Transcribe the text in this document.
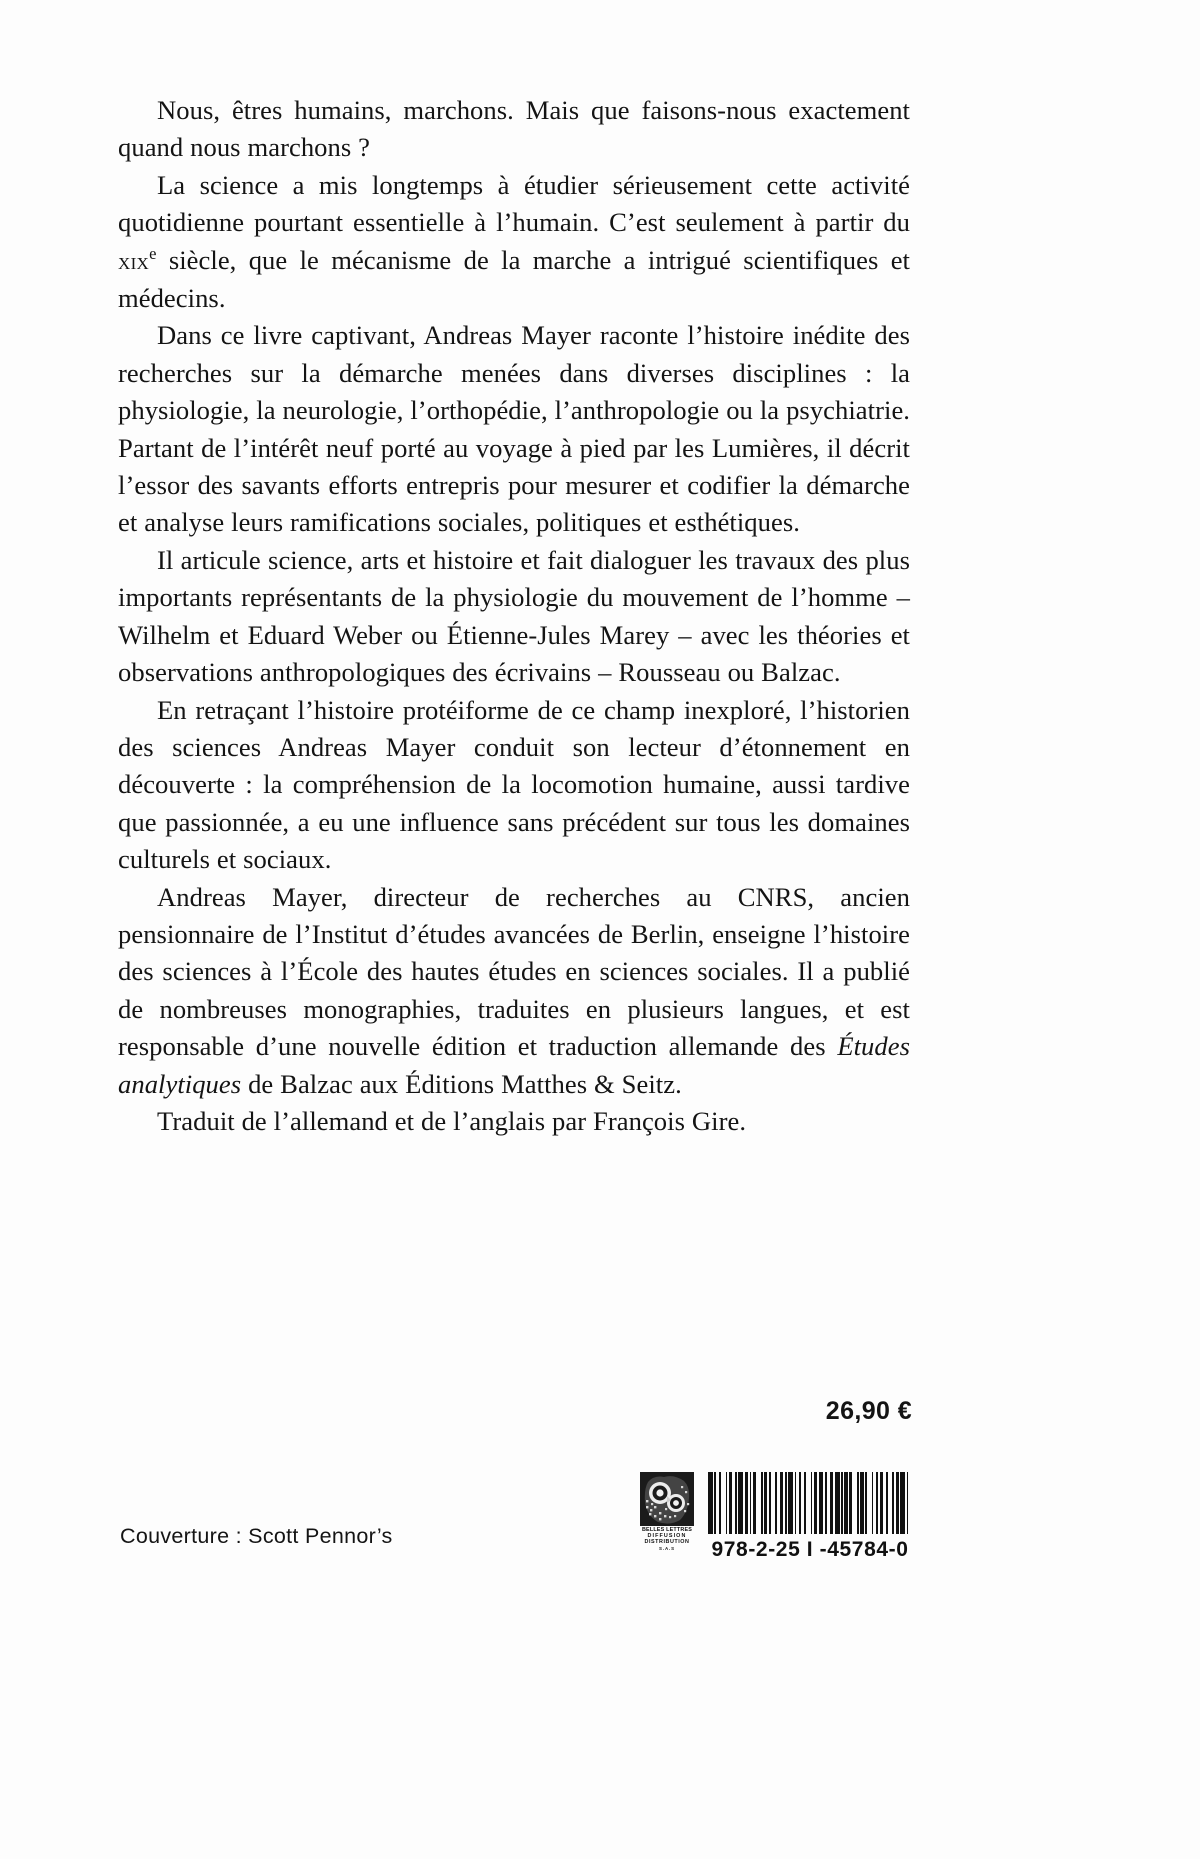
Nous, êtres humains, marchons. Mais que faisons-nous exactement quand nous marchons ?

La science a mis longtemps à étudier sérieusement cette activité quotidienne pourtant essentielle à l’humain. C’est seulement à partir du xix$^e$ siècle, que le mécanisme de la marche a intrigué scientifiques et médecins.

Dans ce livre captivant, Andreas Mayer raconte l’histoire inédite des recherches sur la démarche menées dans diverses disciplines : la physiologie, la neurologie, l’orthopédie, l’anthropologie ou la psychiatrie. Partant de l’intérêt neuf porté au voyage à pied par les Lumières, il décrit l’essor des savants efforts entrepris pour mesurer et codifier la démarche et analyse leurs ramifications sociales, politiques et esthétiques.

Il articule science, arts et histoire et fait dialoguer les travaux des plus importants représentants de la physiologie du mouvement de l’homme – Wilhelm et Eduard Weber ou Étienne-Jules Marey – avec les théories et observations anthropologiques des écrivains – Rousseau ou Balzac.

En retraçant l’histoire protéiforme de ce champ inexploré, l’historien des sciences Andreas Mayer conduit son lecteur d’étonnement en découverte : la compréhension de la locomotion humaine, aussi tardive que passionnée, a eu une influence sans précédent sur tous les domaines culturels et sociaux.

Andreas Mayer, directeur de recherches au CNRS, ancien pensionnaire de l’Institut d’études avancées de Berlin, enseigne l’histoire des sciences à l’École des hautes études en sciences sociales. Il a publié de nombreuses monographies, traduites en plusieurs langues, et est responsable d’une nouvelle édition et traduction allemande des Études analytiques de Balzac aux Éditions Matthes & Seitz.

Traduit de l’allemand et de l’anglais par François Gire.

26,90 €
Couverture : Scott Pennor’s	BELLES LETTRES
DIFFUSION
DISTRIBUTION
S.A.S	978-2-25 I -45784-0
